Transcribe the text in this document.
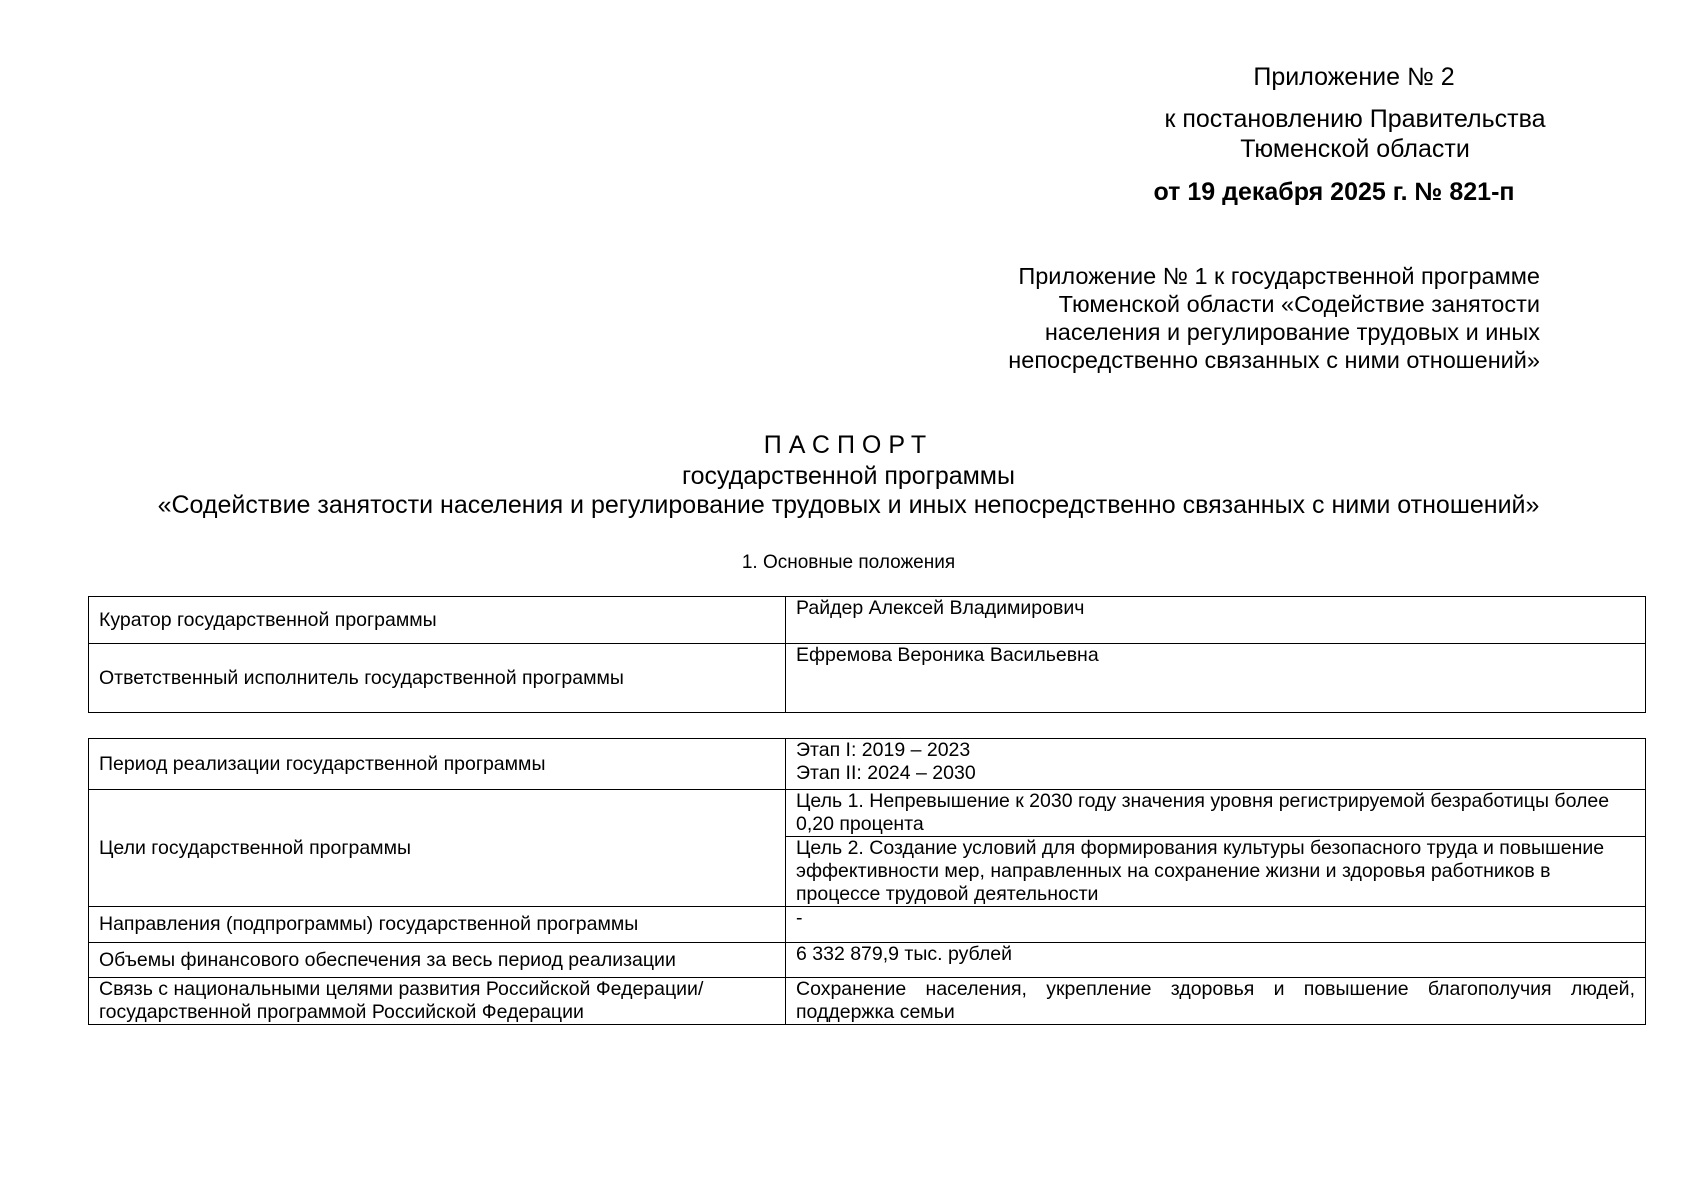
Приложение № 2
к постановлению Правительства
Тюменской области
от 19 декабря 2025 г. № 821-п
Приложение № 1 к государственной программе
Тюменской области «Содействие занятости
населения и регулирование трудовых и иных
непосредственно связанных с ними отношений»
ПАСПОРТ
государственной программы
«Содействие занятости населения и регулирование трудовых и иных непосредственно связанных с ними отношений»
1. Основные положения
Куратор государственной программы	Райдер Алексей Владимирович
Ответственный исполнитель государственной программы	Ефремова Вероника Васильевна
Период реализации государственной программы	Этап I: 2019 – 2023
Этап II: 2024 – 2030

Цели государственной программы	Цель 1. Непревышение к 2030 году значения уровня регистрируемой безработицы более 0,20 процента
	Цель 2. Создание условий для формирования культуры безопасного труда и повышение эффективности мер, направленных на сохранение жизни и здоровья работников в процессе трудовой деятельности
Направления (подпрограммы) государственной программы	-
Объемы финансового обеспечения за весь период реализации	6 332 879,9 тыс. рублей
Связь с национальными целями развития Российской Федерации/ государственной программой Российской Федерации	Сохранение населения, укрепление здоровья и повышение благополучия людей, поддержка семьи
